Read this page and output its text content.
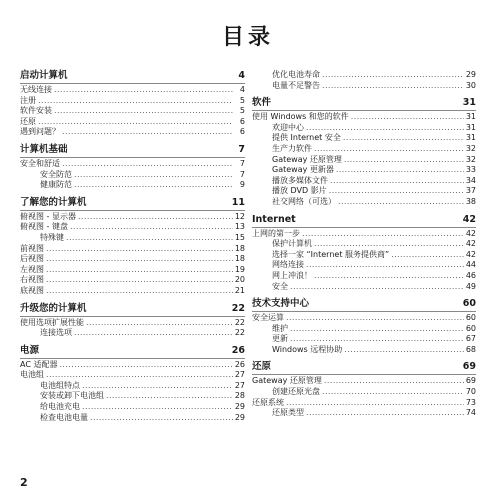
目录
启动计算机	4
无线连接 .....	4
注册 .....	5
软件安装 .....	5
还原 .....	6
遇到问题？ .....	6
计算机基础	7
安全和舒适 .....	7
安全防范 .....	7
健康防范 .....	9
了解您的计算机	11
俯视图 - 显示器 .....	12
俯视图 - 键盘 .....	13
特殊键 .....	15
前视图 .....	18
后视图 .....	18
左视图 .....	19
右视图 .....	20
底视图 .....	21
升级您的计算机	22
使用选项扩展性能 .....	22
连接选项 .....	22
电源	26
AC 适配器 .....	26
电池组 .....	27
电池组特点 .....	27
安装或卸下电池组 .....	28
给电池充电 .....	29
检查电池电量 .....	29
优化电池寿命 .....	29
电量不足警告 .....	30
软件	31
使用 Windows 和您的软件 .....	31
欢迎中心 .....	31
提供 Internet 安全 .....	31
生产力软件 .....	32
Gateway 还原管理 .....	32
Gateway 更新器 .....	33
播放多媒体文件 .....	34
播放 DVD 影片 .....	37
社交网络（可选） .....	38
Internet	42
上网的第一步 .....	42
保护计算机 .....	42
选择一家 “Internet 服务提供商” .....	42
网络连接 .....	44
网上冲浪！ .....	46
安全 .....	49
技术支持中心	60
安全运算 .....	60
维护 .....	60
更新 .....	67
Windows 远程协助 .....	68
还原	69
Gateway 还原管理 .....	69
创建还原光盘 .....	70
还原系统 .....	73
还原类型 .....	74
2
